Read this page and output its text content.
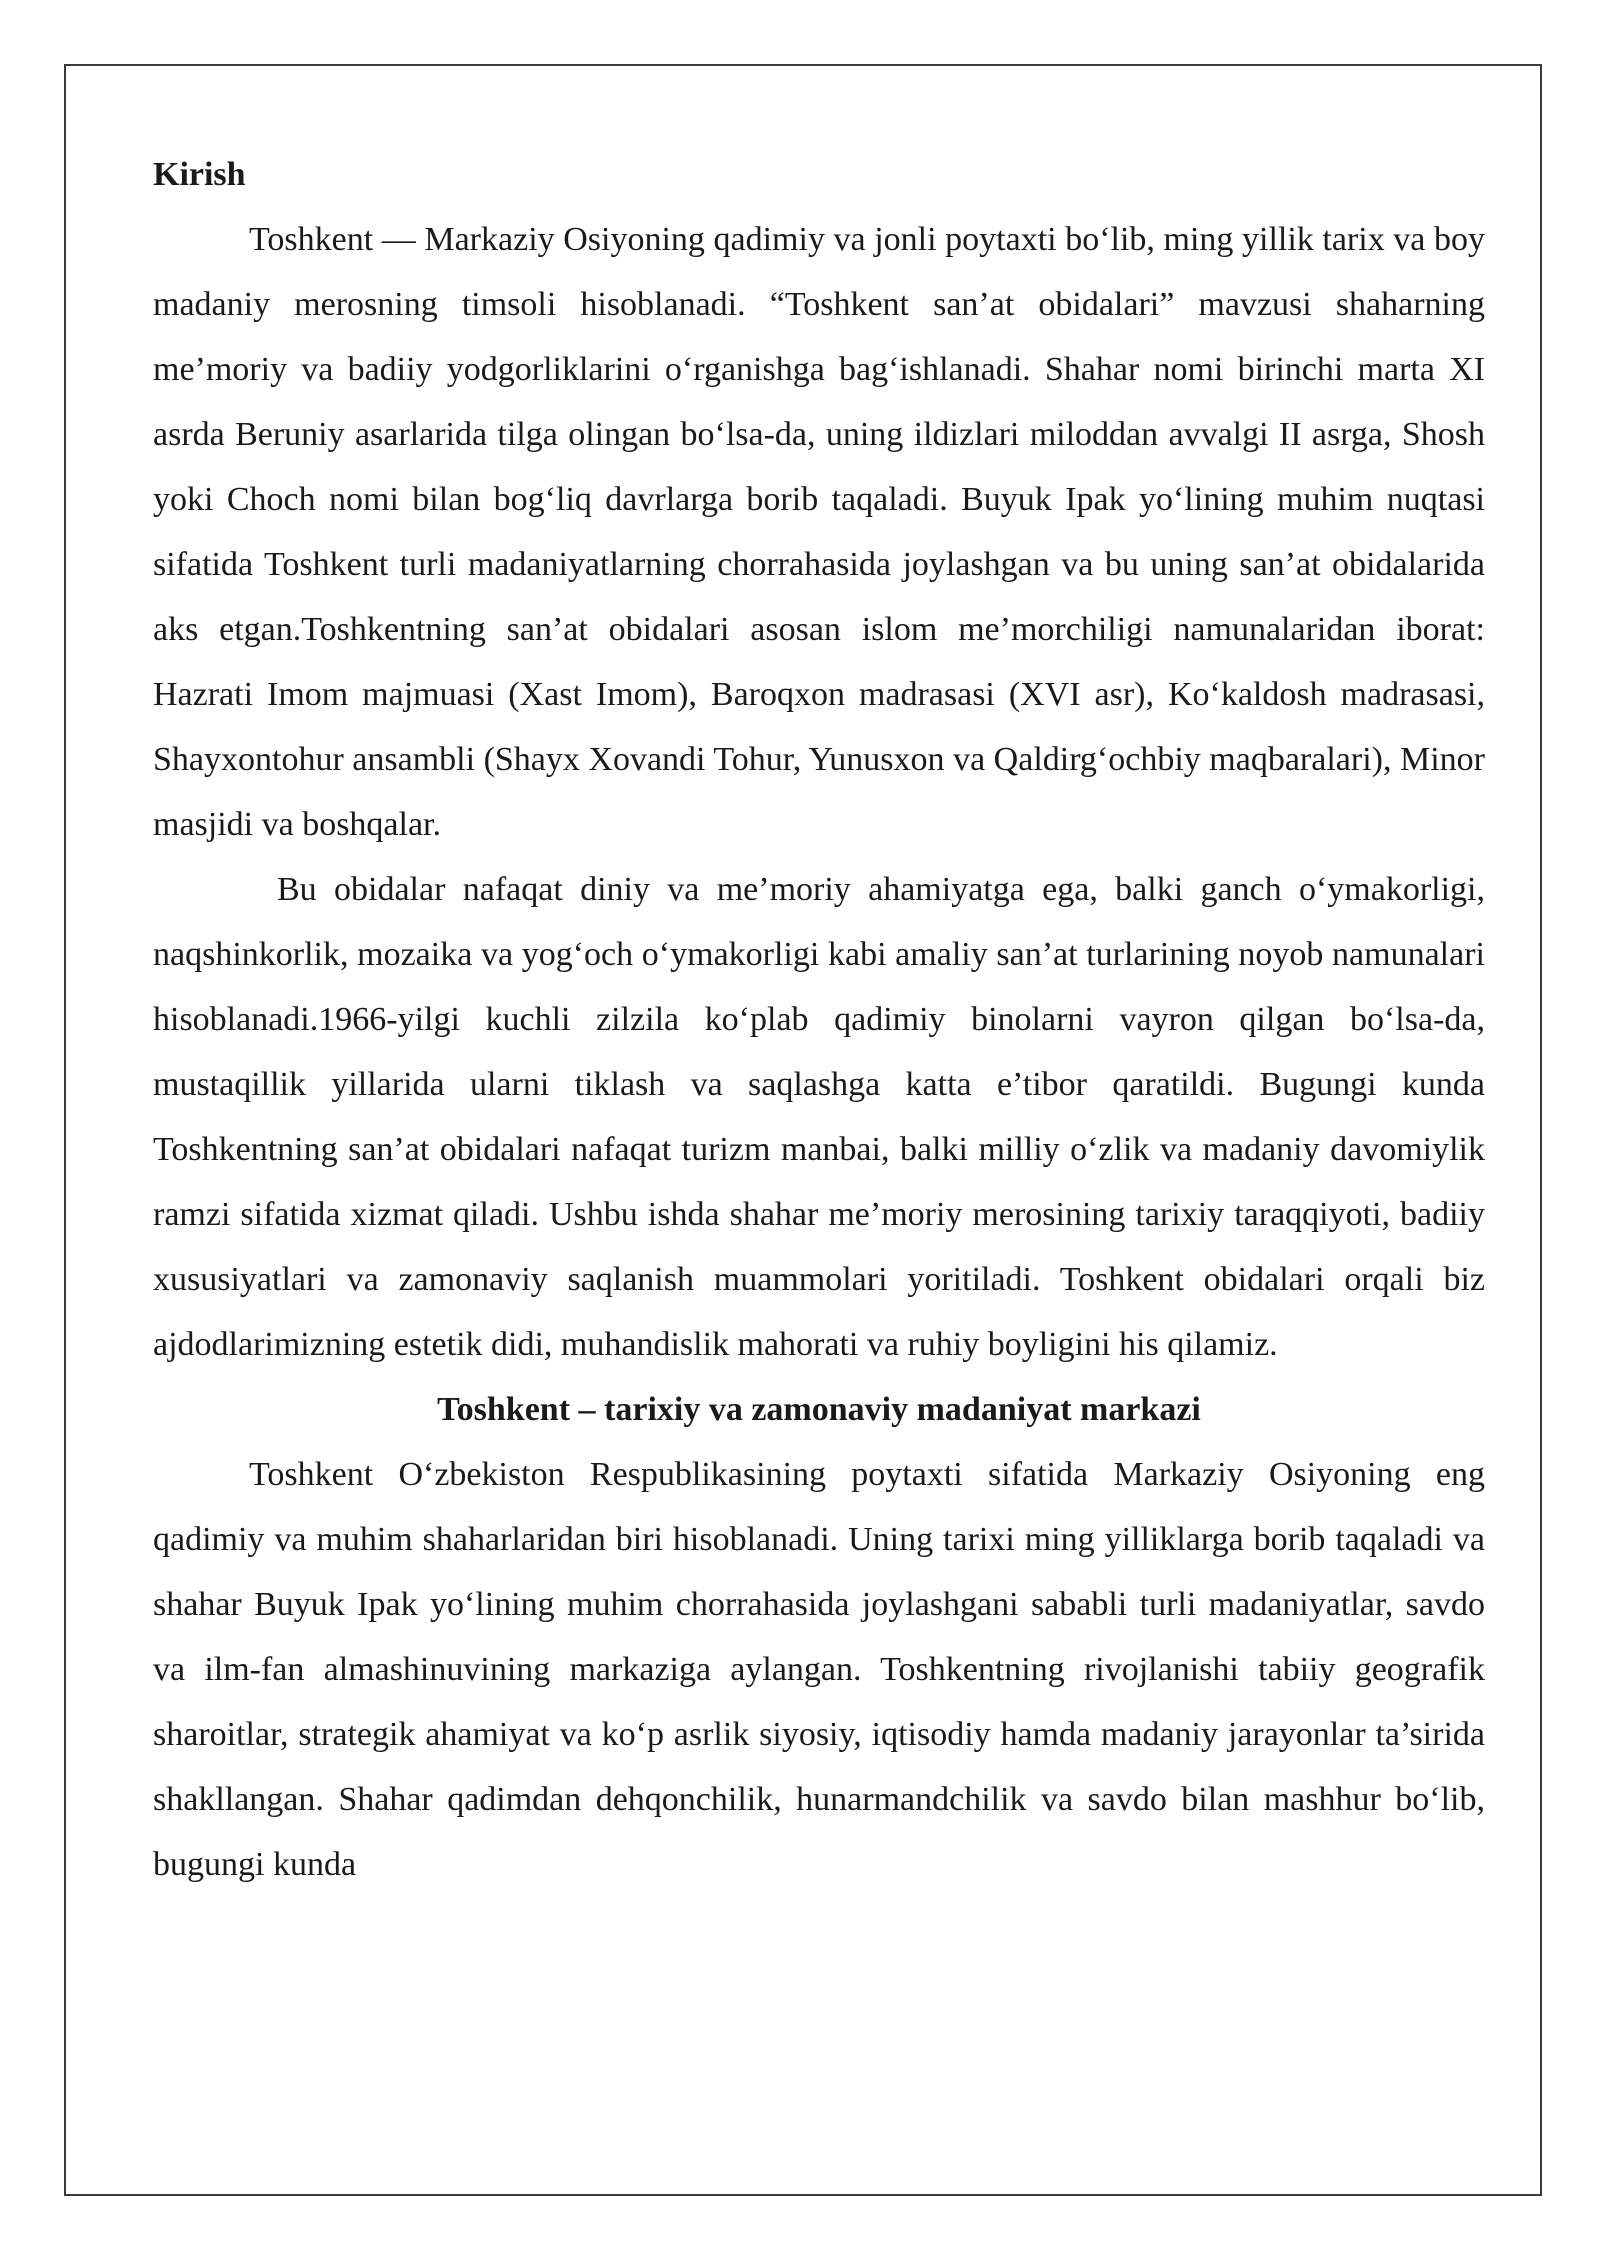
Kirish

Toshkent — Markaziy Osiyoning qadimiy va jonli poytaxti bo‘lib, ming yillik tarix va boy madaniy merosning timsoli hisoblanadi. “Toshkent san’at obidalari” mavzusi shaharning me’moriy va badiiy yodgorliklarini o‘rganishga bag‘ishlanadi. Shahar nomi birinchi marta XI asrda Beruniy asarlarida tilga olingan bo‘lsa-da, uning ildizlari miloddan avvalgi II asrga, Shosh yoki Choch nomi bilan bog‘liq davrlarga borib taqaladi. Buyuk Ipak yo‘lining muhim nuqtasi sifatida Toshkent turli madaniyatlarning chorrahasida joylashgan va bu uning san’at obidalarida aks etgan.Toshkentning san’at obidalari asosan islom me’morchiligi namunalaridan iborat: Hazrati Imom majmuasi (Xast Imom), Baroqxon madrasasi (XVI asr), Ko‘kaldosh madrasasi, Shayxontohur ansambli (Shayx Xovandi Tohur, Yunusxon va Qaldirg‘ochbiy maqbaralari), Minor masjidi va boshqalar.

Bu obidalar nafaqat diniy va me’moriy ahamiyatga ega, balki ganch o‘ymakorligi, naqshinkorlik, mozaika va yog‘och o‘ymakorligi kabi amaliy san’at turlarining noyob namunalari hisoblanadi.1966-yilgi kuchli zilzila ko‘plab qadimiy binolarni vayron qilgan bo‘lsa-da, mustaqillik yillarida ularni tiklash va saqlashga katta e’tibor qaratildi. Bugungi kunda Toshkentning san’at obidalari nafaqat turizm manbai, balki milliy o‘zlik va madaniy davomiylik ramzi sifatida xizmat qiladi. Ushbu ishda shahar me’moriy merosining tarixiy taraqqiyoti, badiiy xususiyatlari va zamonaviy saqlanish muammolari yoritiladi. Toshkent obidalari orqali biz ajdodlarimizning estetik didi, muhandislik mahorati va ruhiy boyligini his qilamiz.

Toshkent – tarixiy va zamonaviy madaniyat markazi

Toshkent O‘zbekiston Respublikasining poytaxti sifatida Markaziy Osiyoning eng qadimiy va muhim shaharlaridan biri hisoblanadi. Uning tarixi ming yilliklarga borib taqaladi va shahar Buyuk Ipak yo‘lining muhim chorrahasida joylashgani sababli turli madaniyatlar, savdo va ilm-fan almashinuvining markaziga aylangan. Toshkentning rivojlanishi tabiiy geografik sharoitlar, strategik ahamiyat va ko‘p asrlik siyosiy, iqtisodiy hamda madaniy jarayonlar ta’sirida shakllangan. Shahar qadimdan dehqonchilik, hunarmandchilik va savdo bilan mashhur bo‘lib, bugungi kunda
